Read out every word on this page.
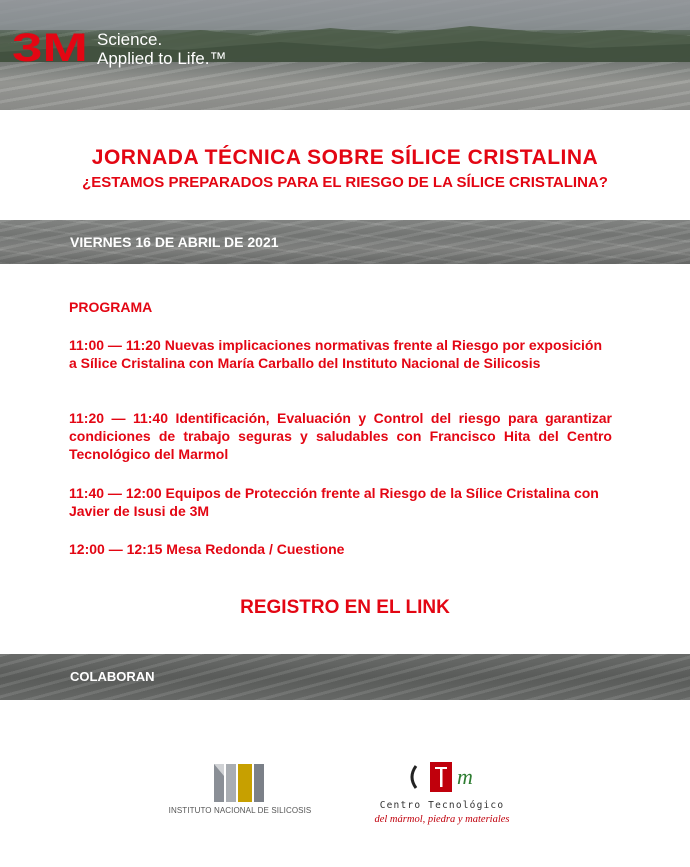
3M Science.
Applied to Life.™
JORNADA TÉCNICA SOBRE SÍLICE CRISTALINA
¿ESTAMOS PREPARADOS PARA EL RIESGO DE LA SÍLICE CRISTALINA?
VIERNES 16 DE ABRIL DE 2021
PROGRAMA
11:00 — 11:20 Nuevas implicaciones normativas frente al Riesgo por exposición a Sílice Cristalina con María Carballo del Instituto Nacional de Silicosis
11:20 — 11:40 Identificación, Evaluación y Control del riesgo para garantizar condiciones de trabajo seguras y saludables con Francisco Hita del Centro Tecnológico del Marmol
11:40 — 12:00 Equipos de Protección frente al Riesgo de la Sílice Cristalina con Javier de Isusi de 3M
12:00 — 12:15 Mesa Redonda / Cuestione
REGISTRO EN EL LINK
COLABORAN
INSTITUTO NACIONAL DE SILICOSIS
m
Centro Tecnológico
del mármol, piedra y materiales
